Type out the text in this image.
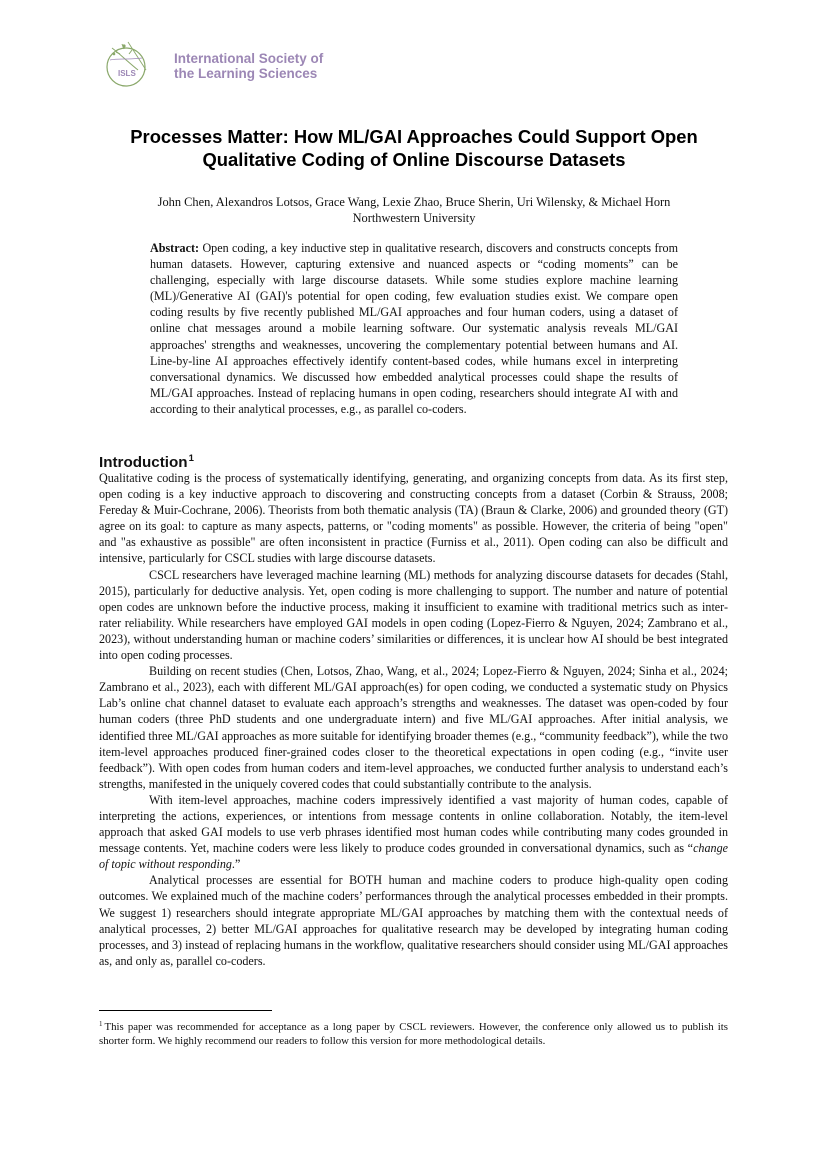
ISLS
International Society of
the Learning Sciences
Processes Matter: How ML/GAI Approaches Could Support Open
Qualitative Coding of Online Discourse Datasets
John Chen, Alexandros Lotsos, Grace Wang, Lexie Zhao, Bruce Sherin, Uri Wilensky, & Michael Horn
Northwestern University
Abstract: Open coding, a key inductive step in qualitative research, discovers and constructs concepts from human datasets. However, capturing extensive and nuanced aspects or “coding moments” can be challenging, especially with large discourse datasets. While some studies explore machine learning (ML)/Generative AI (GAI)'s potential for open coding, few evaluation studies exist. We compare open coding results by five recently published ML/GAI approaches and four human coders, using a dataset of online chat messages around a mobile learning software. Our systematic analysis reveals ML/GAI approaches' strengths and weaknesses, uncovering the complementary potential between humans and AI. Line-by-line AI approaches effectively identify content-based codes, while humans excel in interpreting conversational dynamics. We discussed how embedded analytical processes could shape the results of ML/GAI approaches. Instead of replacing humans in open coding, researchers should integrate AI with and according to their analytical processes, e.g., as parallel co-coders.
Introduction$^1$

Qualitative coding is the process of systematically identifying, generating, and organizing concepts from data. As its first step, open coding is a key inductive approach to discovering and constructing concepts from a dataset (Corbin & Strauss, 2008; Fereday & Muir-Cochrane, 2006). Theorists from both thematic analysis (TA) (Braun & Clarke, 2006) and grounded theory (GT) agree on its goal: to capture as many aspects, patterns, or "coding moments" as possible. However, the criteria of being "open" and "as exhaustive as possible" are often inconsistent in practice (Furniss et al., 2011). Open coding can also be difficult and intensive, particularly for CSCL studies with large discourse datasets.

CSCL researchers have leveraged machine learning (ML) methods for analyzing discourse datasets for decades (Stahl, 2015), particularly for deductive analysis. Yet, open coding is more challenging to support. The number and nature of potential open codes are unknown before the inductive process, making it insufficient to examine with traditional metrics such as inter-rater reliability. While researchers have employed GAI models in open coding (Lopez-Fierro & Nguyen, 2024; Zambrano et al., 2023), without understanding human or machine coders’ similarities or differences, it is unclear how AI should be best integrated into open coding processes.

Building on recent studies (Chen, Lotsos, Zhao, Wang, et al., 2024; Lopez-Fierro & Nguyen, 2024; Sinha et al., 2024; Zambrano et al., 2023), each with different ML/GAI approach(es) for open coding, we conducted a systematic study on Physics Lab’s online chat channel dataset to evaluate each approach’s strengths and weaknesses. The dataset was open-coded by four human coders (three PhD students and one undergraduate intern) and five ML/GAI approaches. After initial analysis, we identified three ML/GAI approaches as more suitable for identifying broader themes (e.g., “community feedback”), while the two item-level approaches produced finer-grained codes closer to the theoretical expectations in open coding (e.g., “invite user feedback”). With open codes from human coders and item-level approaches, we conducted further analysis to understand each’s strengths, manifested in the uniquely covered codes that could substantially contribute to the analysis.

With item-level approaches, machine coders impressively identified a vast majority of human codes, capable of interpreting the actions, experiences, or intentions from message contents in online collaboration. Notably, the item-level approach that asked GAI models to use verb phrases identified most human codes while contributing many codes grounded in message contents. Yet, machine coders were less likely to produce codes grounded in conversational dynamics, such as “change of topic without responding.”

Analytical processes are essential for BOTH human and machine coders to produce high-quality open coding outcomes. We explained much of the machine coders’ performances through the analytical processes embedded in their prompts. We suggest 1) researchers should integrate appropriate ML/GAI approaches by matching them with the contextual needs of analytical processes, 2) better ML/GAI approaches for qualitative research may be developed by integrating human coding processes, and 3) instead of replacing humans in the workflow, qualitative researchers should consider using ML/GAI approaches as, and only as, parallel co-coders.

$^1$ This paper was recommended for acceptance as a long paper by CSCL reviewers. However, the conference only allowed us to publish its shorter form. We highly recommend our readers to follow this version for more methodological details.
